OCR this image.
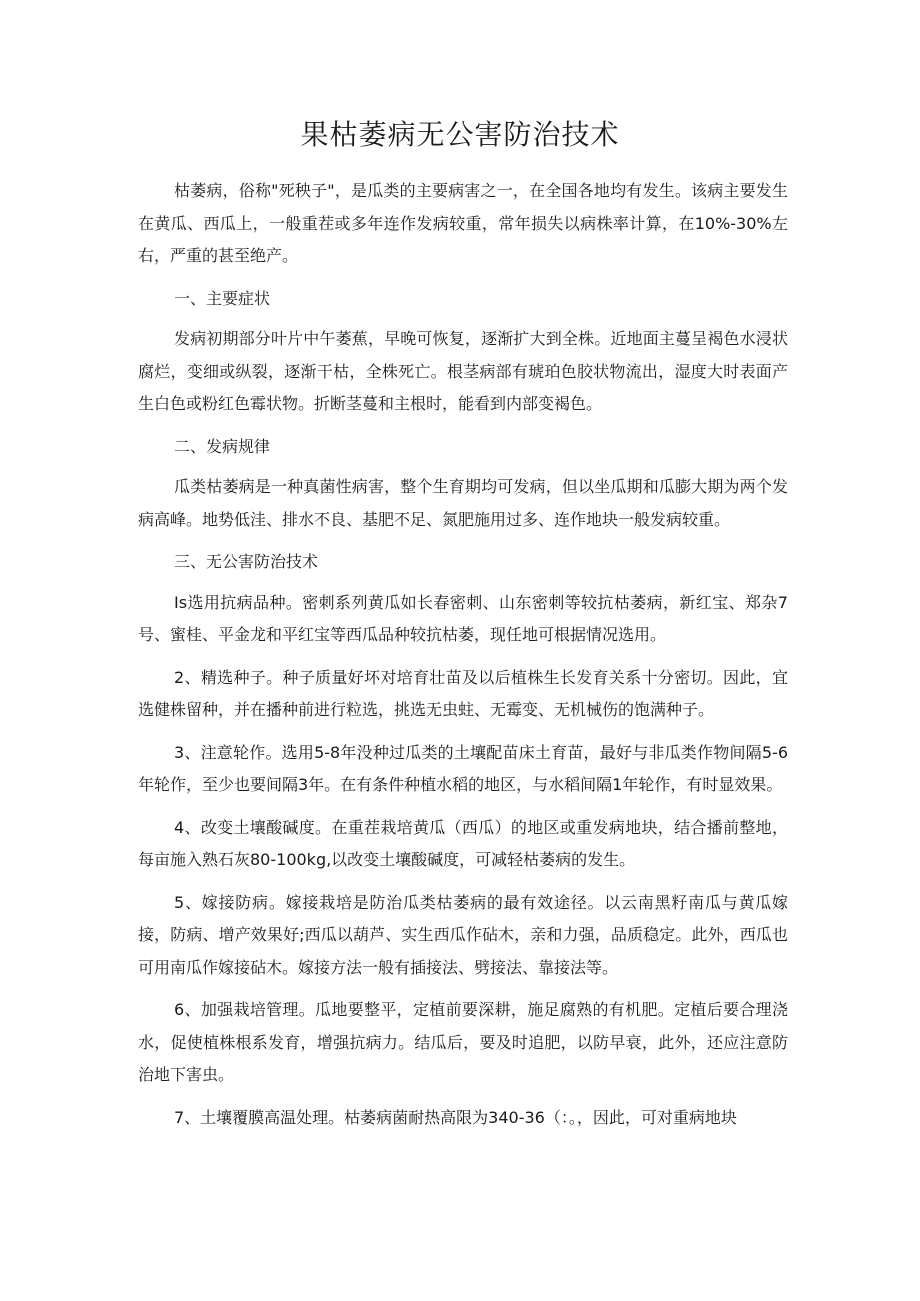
果枯萎病无公害防治技术

枯萎病，俗称"死秧子"，是瓜类的主要病害之一，在全国各地均有发生。该病主要发生在黄瓜、西瓜上，一般重茬或多年连作发病较重，常年损失以病株率计算，在10%-30%左右，严重的甚至绝产。

一、主要症状

发病初期部分叶片中午萎蕉，早晚可恢复，逐渐扩大到全株。近地面主蔓呈褐色水浸状腐烂，变细或纵裂，逐渐干枯，全株死亡。根茎病部有琥珀色胶状物流出，湿度大时表面产生白色或粉红色霉状物。折断茎蔓和主根时，能看到内部变褐色。

二、发病规律

瓜类枯萎病是一种真菌性病害，整个生育期均可发病，但以坐瓜期和瓜膨大期为两个发病高峰。地势低洼、排水不良、基肥不足、氮肥施用过多、连作地块一般发病较重。

三、无公害防治技术

Is选用抗病品种。密刺系列黄瓜如长春密刺、山东密刺等较抗枯萎病，新红宝、郑杂7号、蜜桂、平金龙和平红宝等西瓜品种较抗枯萎，现任地可根据情况选用。

2、精选种子。种子质量好坏对培育壮苗及以后植株生长发育关系十分密切。因此，宜选健株留种，并在播种前进行粒选，挑选无虫蛀、无霉变、无机械伤的饱满种子。

3、注意轮作。选用5-8年没种过瓜类的土壤配苗床土育苗，最好与非瓜类作物间隔5-6年轮作，至少也要间隔3年。在有条件种植水稻的地区，与水稻间隔1年轮作，有时显效果。

4、改变土壤酸碱度。在重茬栽培黄瓜（西瓜）的地区或重发病地块，结合播前整地，每亩施入熟石灰80-100kg,以改变土壤酸碱度，可减轻枯萎病的发生。

5、嫁接防病。嫁接栽培是防治瓜类枯萎病的最有效途径。以云南黑籽南瓜与黄瓜嫁接，防病、增产效果好;西瓜以葫芦、实生西瓜作砧木，亲和力强，品质稳定。此外，西瓜也可用南瓜作嫁接砧木。嫁接方法一般有插接法、劈接法、靠接法等。

6、加强栽培管理。瓜地要整平，定植前要深耕，施足腐熟的有机肥。定植后要合理浇水，促使植株根系发育，增强抗病力。结瓜后，要及时追肥，以防早衰，此外，还应注意防治地下害虫。

7、土壤覆膜高温处理。枯萎病菌耐热高限为340-36（：。，因此，可对重病地块
